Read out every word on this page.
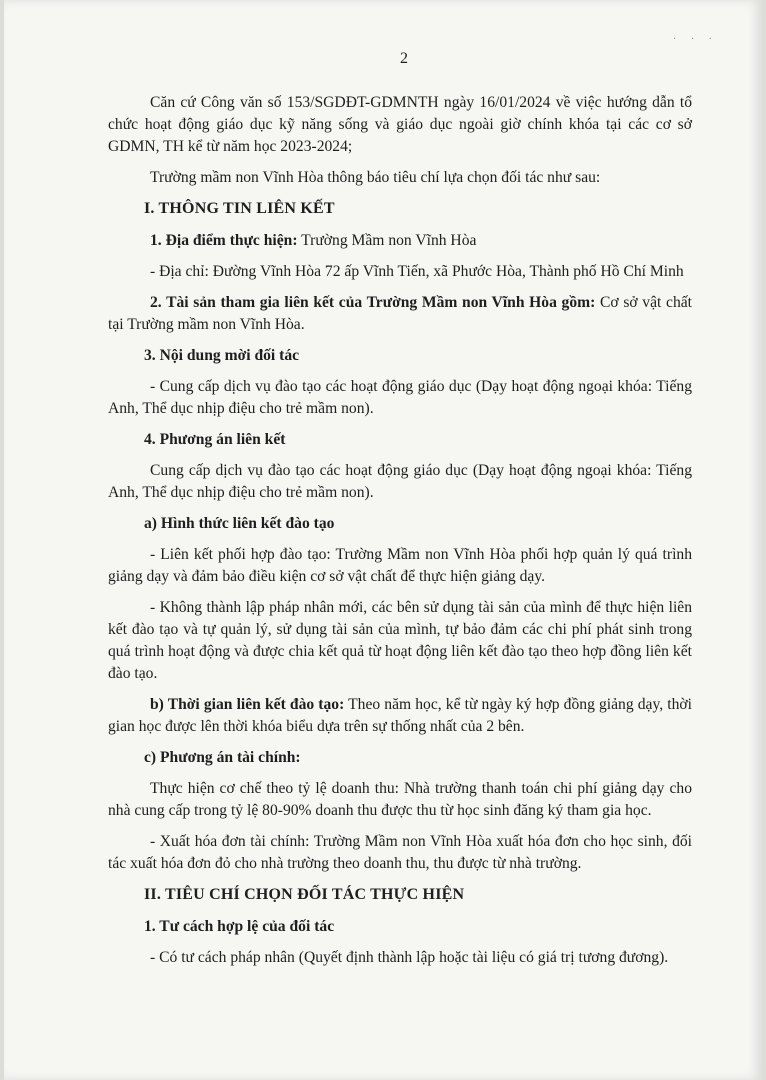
· · ·
2

Căn cứ Công văn số 153/SGDĐT-GDMNTH ngày 16/01/2024 về việc hướng dẫn tổ chức hoạt động giáo dục kỹ năng sống và giáo dục ngoài giờ chính khóa tại các cơ sở GDMN, TH kể từ năm học 2023-2024;

Trường mầm non Vĩnh Hòa thông báo tiêu chí lựa chọn đối tác như sau:

I. THÔNG TIN LIÊN KẾT

1. Địa điểm thực hiện: Trường Mầm non Vĩnh Hòa

- Địa chỉ: Đường Vĩnh Hòa 72 ấp Vĩnh Tiến, xã Phước Hòa, Thành phố Hồ Chí Minh

2. Tài sản tham gia liên kết của Trường Mầm non Vĩnh Hòa gồm: Cơ sở vật chất tại Trường mầm non Vĩnh Hòa.

3. Nội dung mời đối tác

- Cung cấp dịch vụ đào tạo các hoạt động giáo dục (Dạy hoạt động ngoại khóa: Tiếng Anh, Thể dục nhịp điệu cho trẻ mầm non).

4. Phương án liên kết

Cung cấp dịch vụ đào tạo các hoạt động giáo dục (Dạy hoạt động ngoại khóa: Tiếng Anh, Thể dục nhịp điệu cho trẻ mầm non).

a) Hình thức liên kết đào tạo

- Liên kết phối hợp đào tạo: Trường Mầm non Vĩnh Hòa phối hợp quản lý quá trình giảng dạy và đảm bảo điều kiện cơ sở vật chất để thực hiện giảng dạy.

- Không thành lập pháp nhân mới, các bên sử dụng tài sản của mình để thực hiện liên kết đào tạo và tự quản lý, sử dụng tài sản của mình, tự bảo đảm các chi phí phát sinh trong quá trình hoạt động và được chia kết quả từ hoạt động liên kết đào tạo theo hợp đồng liên kết đào tạo.

b) Thời gian liên kết đào tạo: Theo năm học, kể từ ngày ký hợp đồng giảng dạy, thời gian học được lên thời khóa biểu dựa trên sự thống nhất của 2 bên.

c) Phương án tài chính:

Thực hiện cơ chế theo tỷ lệ doanh thu: Nhà trường thanh toán chi phí giảng dạy cho nhà cung cấp trong tỷ lệ 80-90% doanh thu được thu từ học sinh đăng ký tham gia học.

- Xuất hóa đơn tài chính: Trường Mầm non Vĩnh Hòa xuất hóa đơn cho học sinh, đối tác xuất hóa đơn đỏ cho nhà trường theo doanh thu, thu được từ nhà trường.

II. TIÊU CHÍ CHỌN ĐỐI TÁC THỰC HIỆN

1. Tư cách hợp lệ của đối tác

- Có tư cách pháp nhân (Quyết định thành lập hoặc tài liệu có giá trị tương đương).
